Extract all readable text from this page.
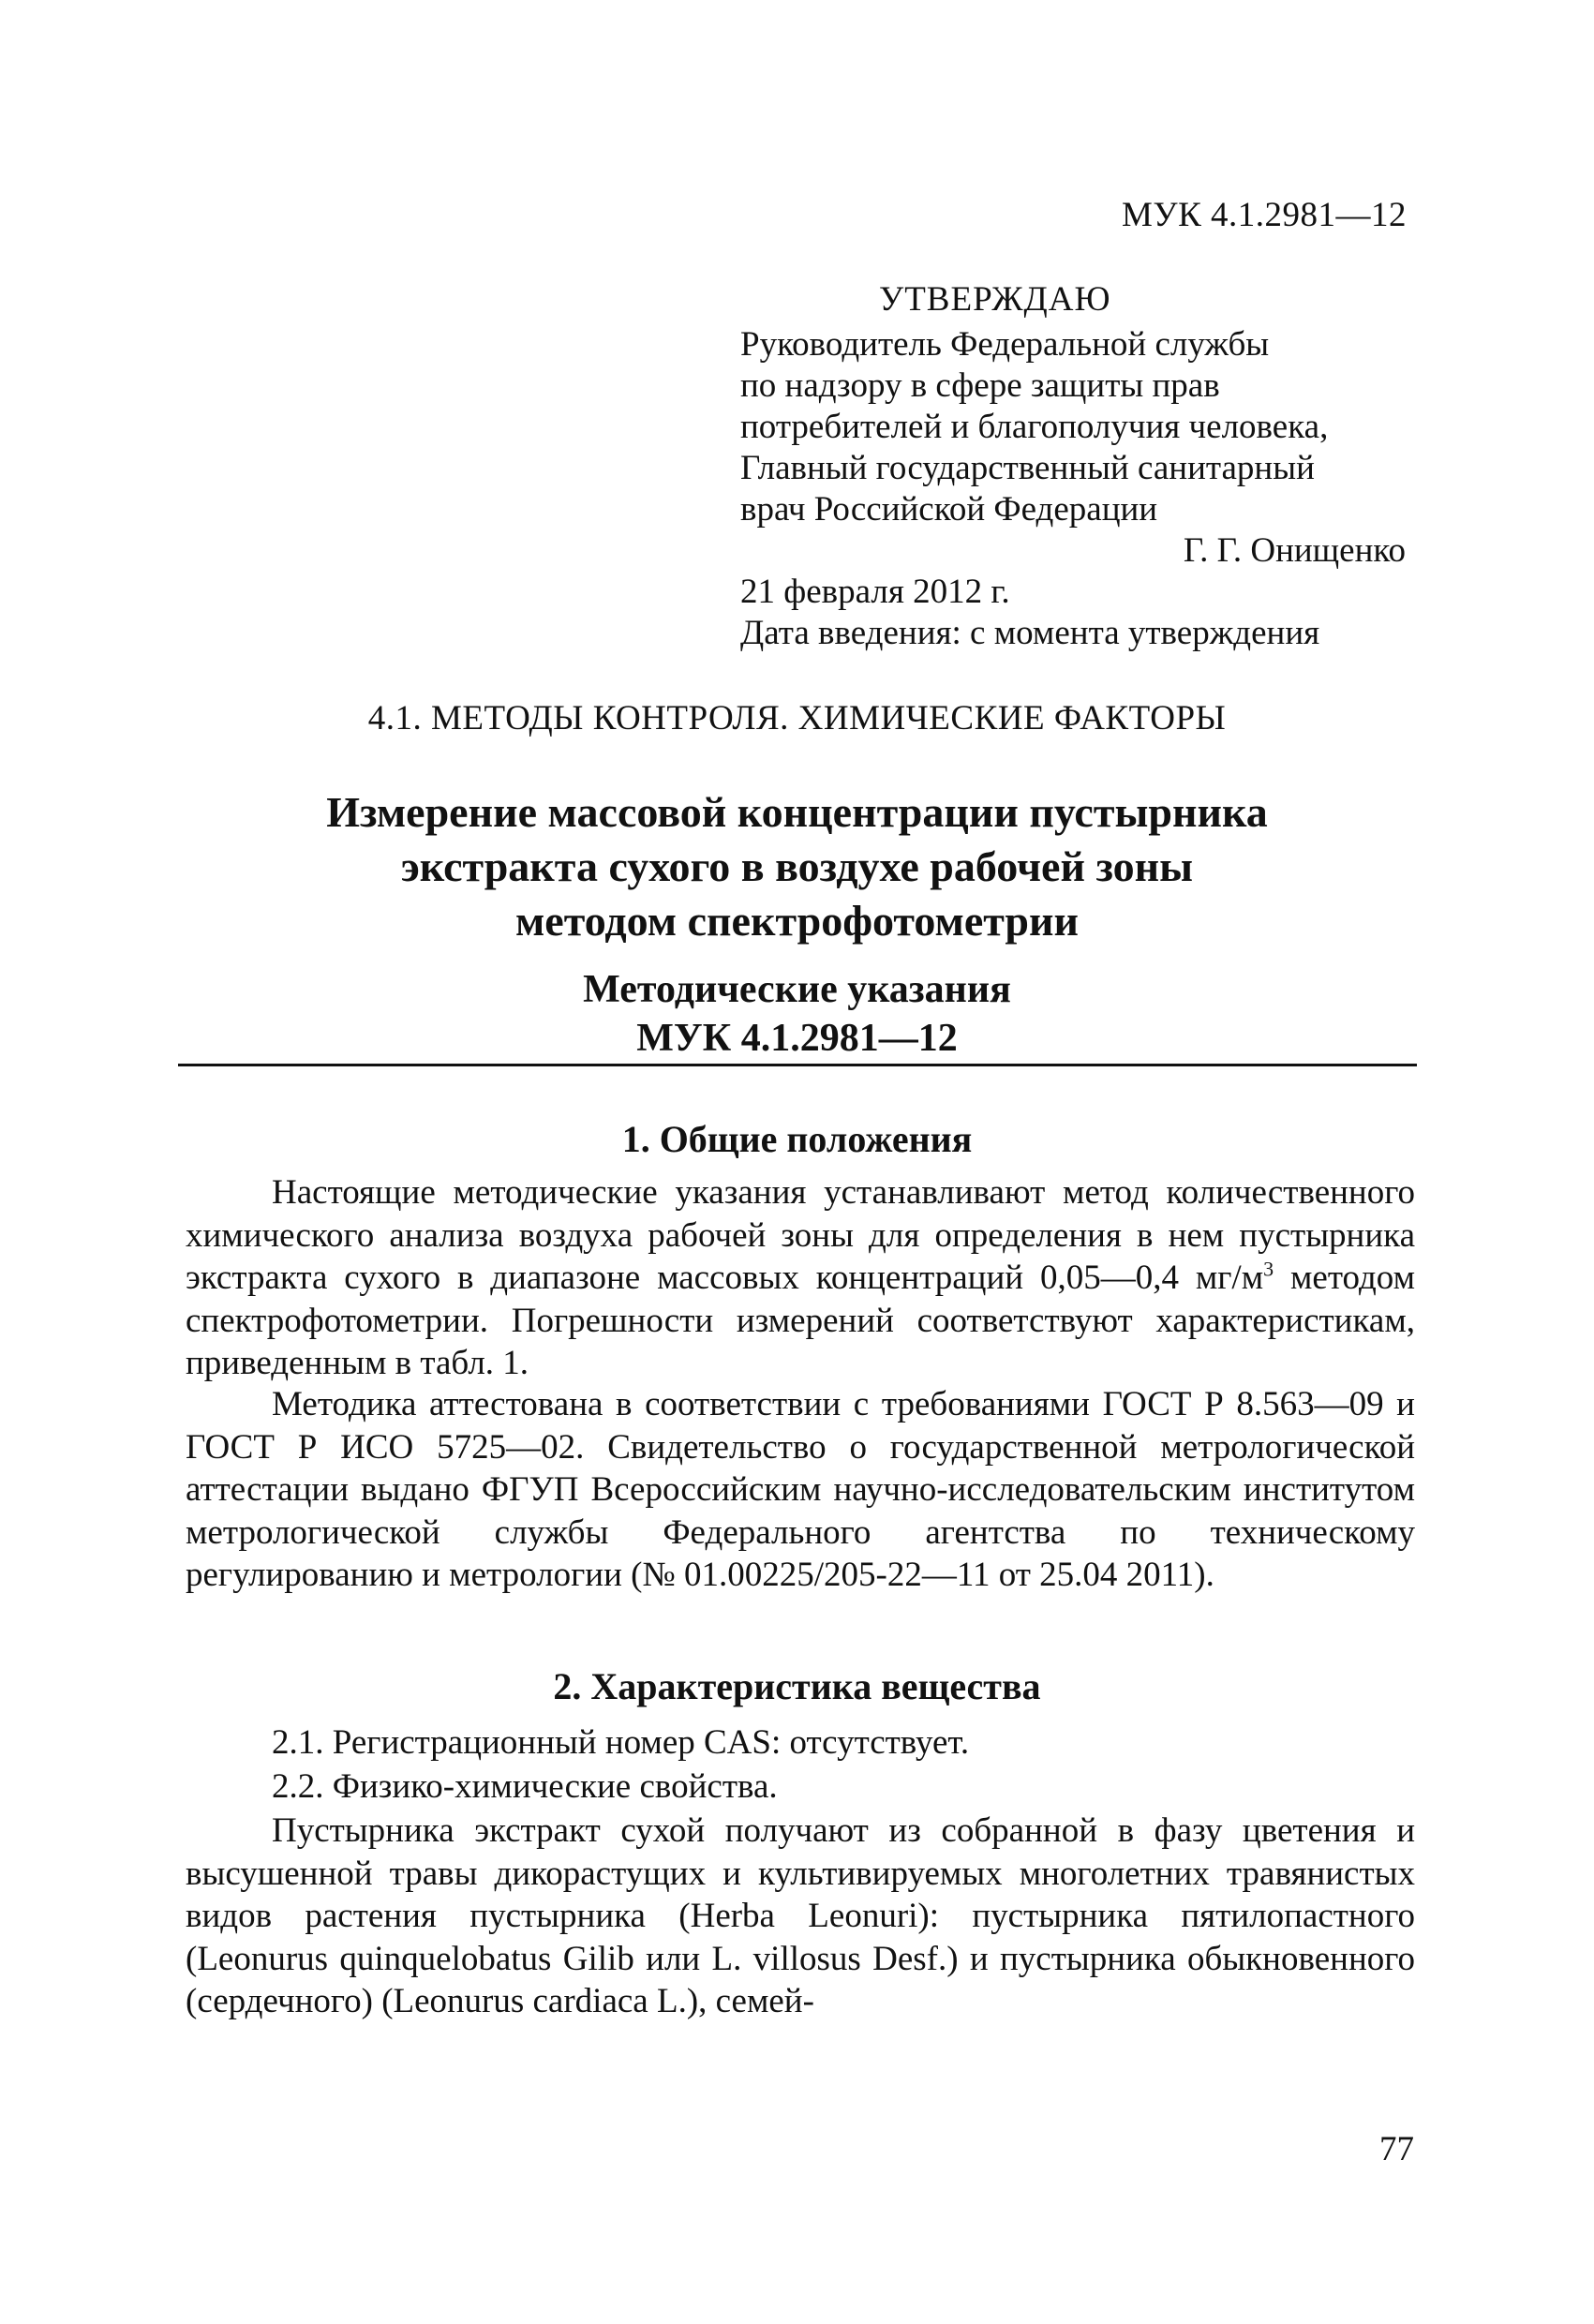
МУК 4.1.2981—12
УТВЕРЖДАЮ
Руководитель Федеральной службы
по надзору в сфере защиты прав
потребителей и благополучия человека,
Главный государственный санитарный
врач Российской Федерации
Г. Г. Онищенко
21 февраля 2012 г.
Дата введения: с момента утверждения
4.1. МЕТОДЫ КОНТРОЛЯ. ХИМИЧЕСКИЕ ФАКТОРЫ
Измерение массовой концентрации пустырника
экстракта сухого в воздухе рабочей зоны
методом спектрофотометрии
Методические указания
МУК 4.1.2981—12
1. Общие положения
Настоящие методические указания устанавливают метод количественного химического анализа воздуха рабочей зоны для определения в нем пустырника экстракта сухого в диапазоне массовых концентраций 0,05—0,4 $мг/м^3$ методом спектрофотометрии. Погрешности измерений соответствуют характеристикам, приведенным в табл. 1.
Методика аттестована в соответствии с требованиями ГОСТ Р 8.563—09 и ГОСТ Р ИСО 5725—02. Свидетельство о государственной метрологической аттестации выдано ФГУП Всероссийским научно-исследовательским институтом метрологической службы Федерального агентства по техническому регулированию и метрологии (№ 01.00225/205-22—11 от 25.04 2011).
2. Характеристика вещества
2.1. Регистрационный номер CAS: отсутствует.
2.2. Физико-химические свойства.
Пустырника экстракт сухой получают из собранной в фазу цветения и высушенной травы дикорастущих и культивируемых многолетних травянистых видов растения пустырника (Herba Leonuri): пустырника пятилопастного (Leonurus quinquelobatus Gilib или L. villosus Desf.) и пустырника обыкновенного (сердечного) (Leonurus cardiaca L.), семей-
77
